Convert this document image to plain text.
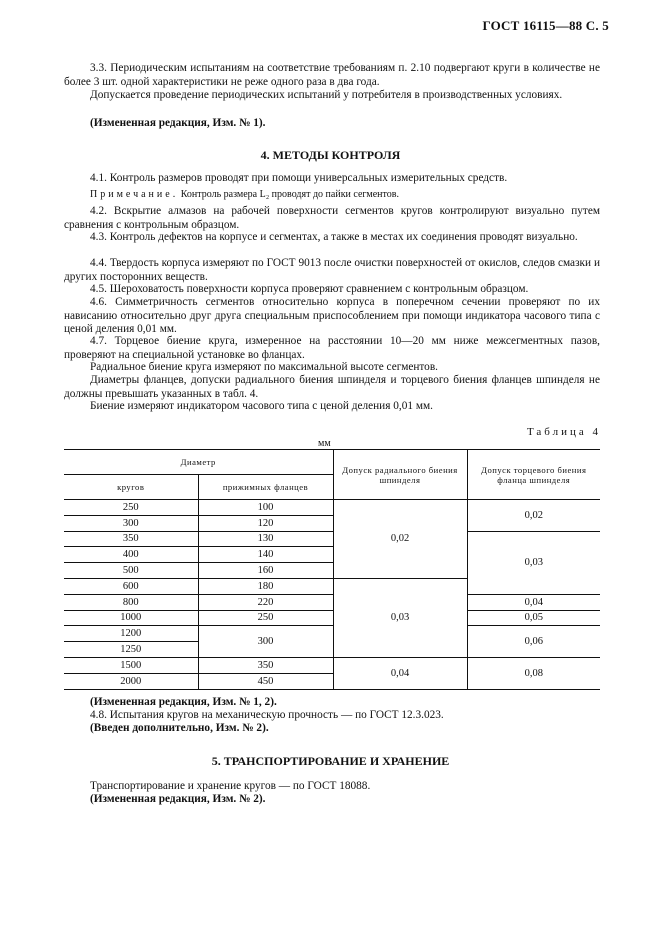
ГОСТ 16115—88 С. 5
3.3. Периодическим испытаниям на соответствие требованиям п. 2.10 подвергают круги в количестве не более 3 шт. одной характеристики не реже одного раза в два года.
Допускается проведение периодических испытаний у потребителя в производственных условиях.
(Измененная редакция, Изм. № 1).
4. МЕТОДЫ КОНТРОЛЯ
4.1. Контроль размеров проводят при помощи универсальных измерительных средств.
Примечание. Контроль размера L₂ проводят до пайки сегментов.
4.2. Вскрытие алмазов на рабочей поверхности сегментов кругов контролируют визуально путем сравнения с контрольным образцом.
4.3. Контроль дефектов на корпусе и сегментах, а также в местах их соединения проводят визуально.
4.4. Твердость корпуса измеряют по ГОСТ 9013 после очистки поверхностей от окислов, следов смазки и других посторонних веществ.
4.5. Шероховатость поверхности корпуса проверяют сравнением с контрольным образцом.
4.6. Симметричность сегментов относительно корпуса в поперечном сечении проверяют по их нависанию относительно друг друга специальным приспособлением при помощи индикатора часового типа с ценой деления 0,01 мм.
4.7. Торцевое биение круга, измеренное на расстоянии 10—20 мм ниже межсегментных пазов, проверяют на специальной установке во фланцах.
Радиальное биение круга измеряют по максимальной высоте сегментов.
Диаметры фланцев, допуски радиального биения шпинделя и торцевого биения фланцев шпинделя не должны превышать указанных в табл. 4.
Биение измеряют индикатором часового типа с ценой деления 0,01 мм.
Таблица 4
мм
Диаметр		Допуск радиального биения шпинделя	Допуск торцевого биения фланца шпинделя
кругов	прижимных фланцев		
250	100	0,02	0,02
300	120		
350	130		0,03
400	140		
500	160		
600	180	0,03	
800	220		0,04
1000	250		0,05
1200	300		0,06
1250			
1500	350	0,04	0,08
2000	450		
(Измененная редакция, Изм. № 1, 2).
4.8. Испытания кругов на механическую прочность — по ГОСТ 12.3.023.
(Введен дополнительно, Изм. № 2).
5. ТРАНСПОРТИРОВАНИЕ И ХРАНЕНИЕ
Транспортирование и хранение кругов — по ГОСТ 18088.
(Измененная редакция, Изм. № 2).
